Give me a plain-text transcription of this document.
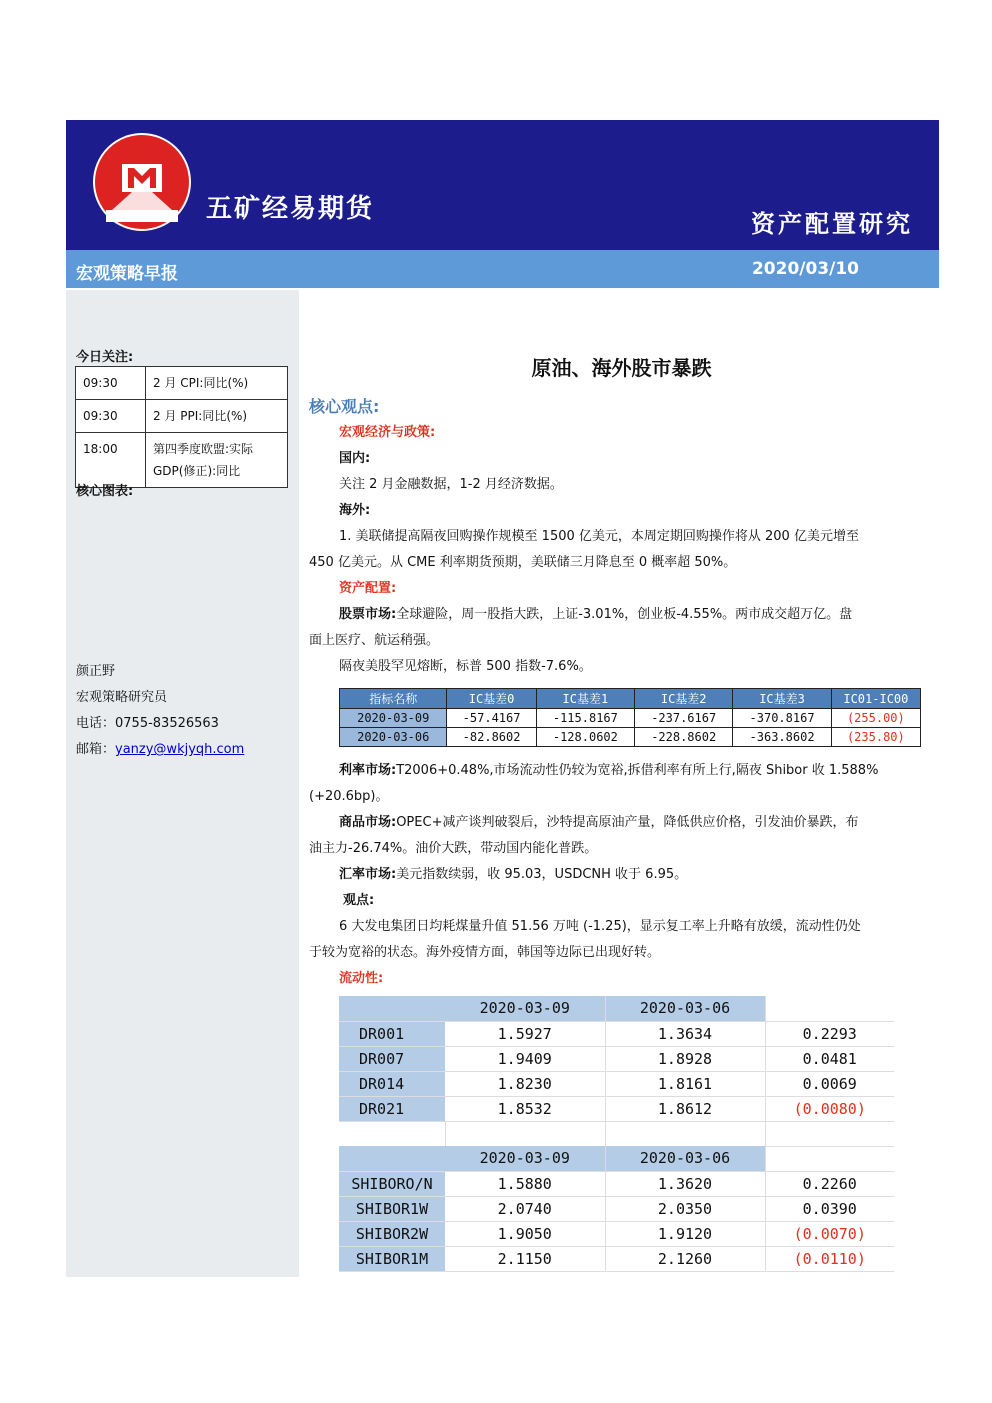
五矿经易期货	资产配置研究
宏观策略早报	2020/03/10
今日关注:
09:30	2 月 CPI:同比(%)
09:30	2 月 PPI:同比(%)
18:00	第四季度欧盟:实际GDP(修正):同比
核心图表:
颜正野
宏观策略研究员
电话：0755-83526563
邮箱：yanzy@wkjyqh.com
原油、海外股市暴跌
核心观点:
宏观经济与政策:
国内:
关注 2 月金融数据，1-2 月经济数据。
海外:
1. 美联储提高隔夜回购操作规模至 1500 亿美元，本周定期回购操作将从 200 亿美元增至
450 亿美元。从 CME 利率期货预期，美联储三月降息至 0 概率超 50%。
资产配置:
股票市场:全球避险，周一股指大跌，上证-3.01%，创业板-4.55%。两市成交超万亿。盘
面上医疗、航运稍强。
隔夜美股罕见熔断，标普 500 指数-7.6%。
指标名称	IC基差0	IC基差1	IC基差2	IC基差3	IC01-IC00
2020-03-09	-57.4167	-115.8167	-237.6167	-370.8167	(255.00)
2020-03-06	-82.8602	-128.0602	-228.8602	-363.8602	(235.80)
利率市场:T2006+0.48%,市场流动性仍较为宽裕,拆借利率有所上行,隔夜 Shibor 收 1.588%
(+20.6bp)。
商品市场:OPEC+减产谈判破裂后，沙特提高原油产量，降低供应价格，引发油价暴跌，布
油主力-26.74%。油价大跌，带动国内能化普跌。
汇率市场:美元指数续弱，收 95.03，USDCNH 收于 6.95。
观点:
6 大发电集团日均耗煤量升值 51.56 万吨 (-1.25)，显示复工率上升略有放缓，流动性仍处
于较为宽裕的状态。海外疫情方面，韩国等边际已出现好转。
流动性:
	2020-03-09	2020-03-06	
DR001	1.5927	1.3634	0.2293
DR007	1.9409	1.8928	0.0481
DR014	1.8230	1.8161	0.0069
DR021	1.8532	1.8612	(0.0080)

	2020-03-09	2020-03-06	
SHIBORO/N	1.5880	1.3620	0.2260
SHIBOR1W	2.0740	2.0350	0.0390
SHIBOR2W	1.9050	1.9120	(0.0070)
SHIBOR1M	2.1150	2.1260	(0.0110)
